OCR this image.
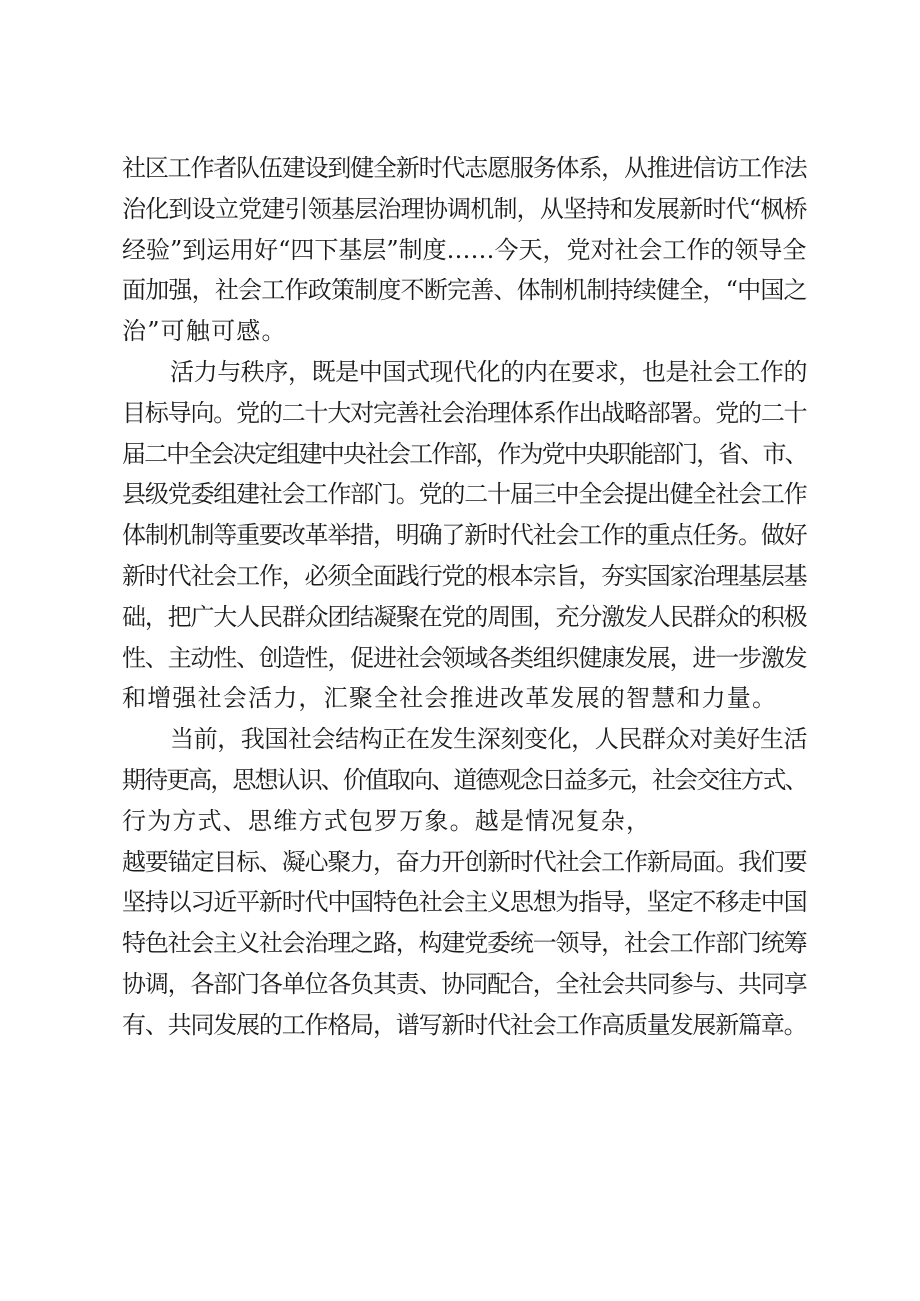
社区工作者队伍建设到健全新时代志愿服务体系，从推进信访工作法
治化到设立党建引领基层治理协调机制，从坚持和发展新时代“枫桥
经验”到运用好“四下基层”制度……今天，党对社会工作的领导全
面加强，社会工作政策制度不断完善、体制机制持续健全，“中国之
治”可触可感。

活力与秩序，既是中国式现代化的内在要求，也是社会工作的
目标导向。党的二十大对完善社会治理体系作出战略部署。党的二十
届二中全会决定组建中央社会工作部，作为党中央职能部门，省、市、
县级党委组建社会工作部门。党的二十届三中全会提出健全社会工作
体制机制等重要改革举措，明确了新时代社会工作的重点任务。做好
新时代社会工作，必须全面践行党的根本宗旨，夯实国家治理基层基
础，把广大人民群众团结凝聚在党的周围，充分激发人民群众的积极
性、主动性、创造性，促进社会领域各类组织健康发展，进一步激发
和增强社会活力，汇聚全社会推进改革发展的智慧和力量。

当前，我国社会结构正在发生深刻变化，人民群众对美好生活
期待更高，思想认识、价值取向、道德观念日益多元，社会交往方式、
行为方式、思维方式包罗万象。越是情况复杂，

越要锚定目标、凝心聚力，奋力开创新时代社会工作新局面。我们要
坚持以习近平新时代中国特色社会主义思想为指导，坚定不移走中国
特色社会主义社会治理之路，构建党委统一领导，社会工作部门统筹
协调，各部门各单位各负其责、协同配合，全社会共同参与、共同享
有、共同发展的工作格局，谱写新时代社会工作高质量发展新篇章。
